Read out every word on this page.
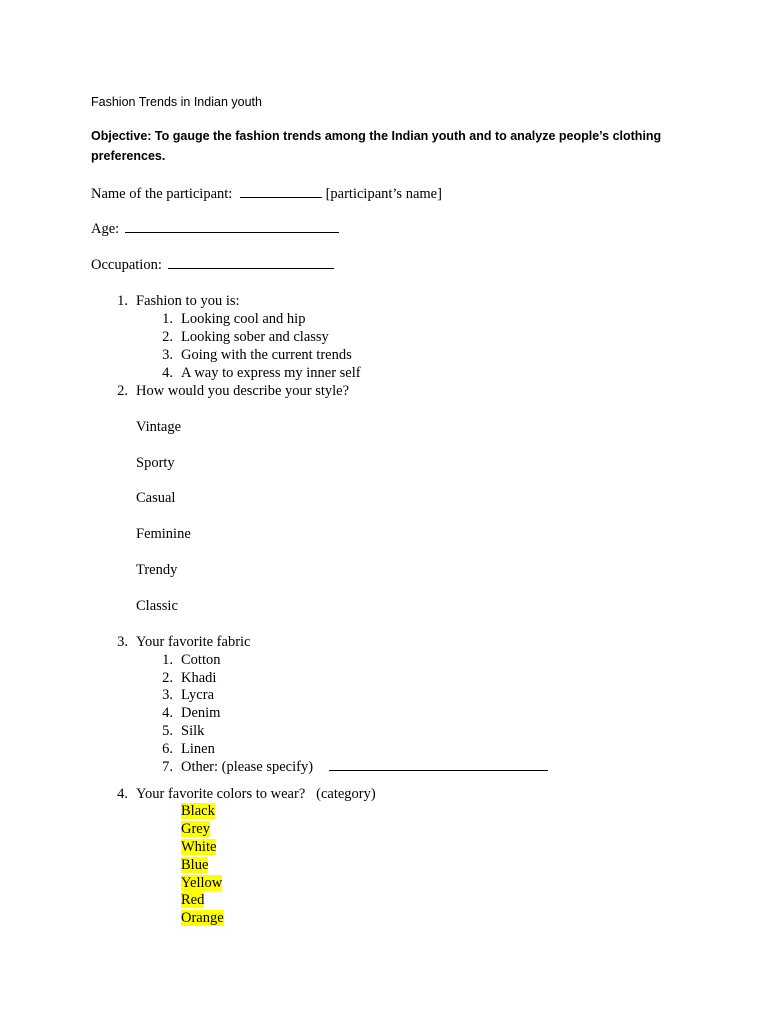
Fashion Trends in Indian youth
Objective: To gauge the fashion trends among the Indian youth and to analyze people’s clothing preferences.
Name of the participant:	[participant’s name]
Age:
Occupation:
1. Fashion to you is:
1. Looking cool and hip
2. Looking sober and classy
3. Going with the current trends
4. A way to express my inner self
2. How would you describe your style?
Vintage
Sporty
Casual
Feminine
Trendy
Classic
3. Your favorite fabric
1. Cotton
2. Khadi
3. Lycra
4. Denim
5. Silk
6. Linen
7. Other: (please specify)
4. Your favorite colors to wear?   (category)
Black
Grey
White
Blue
Yellow
Red
Orange
